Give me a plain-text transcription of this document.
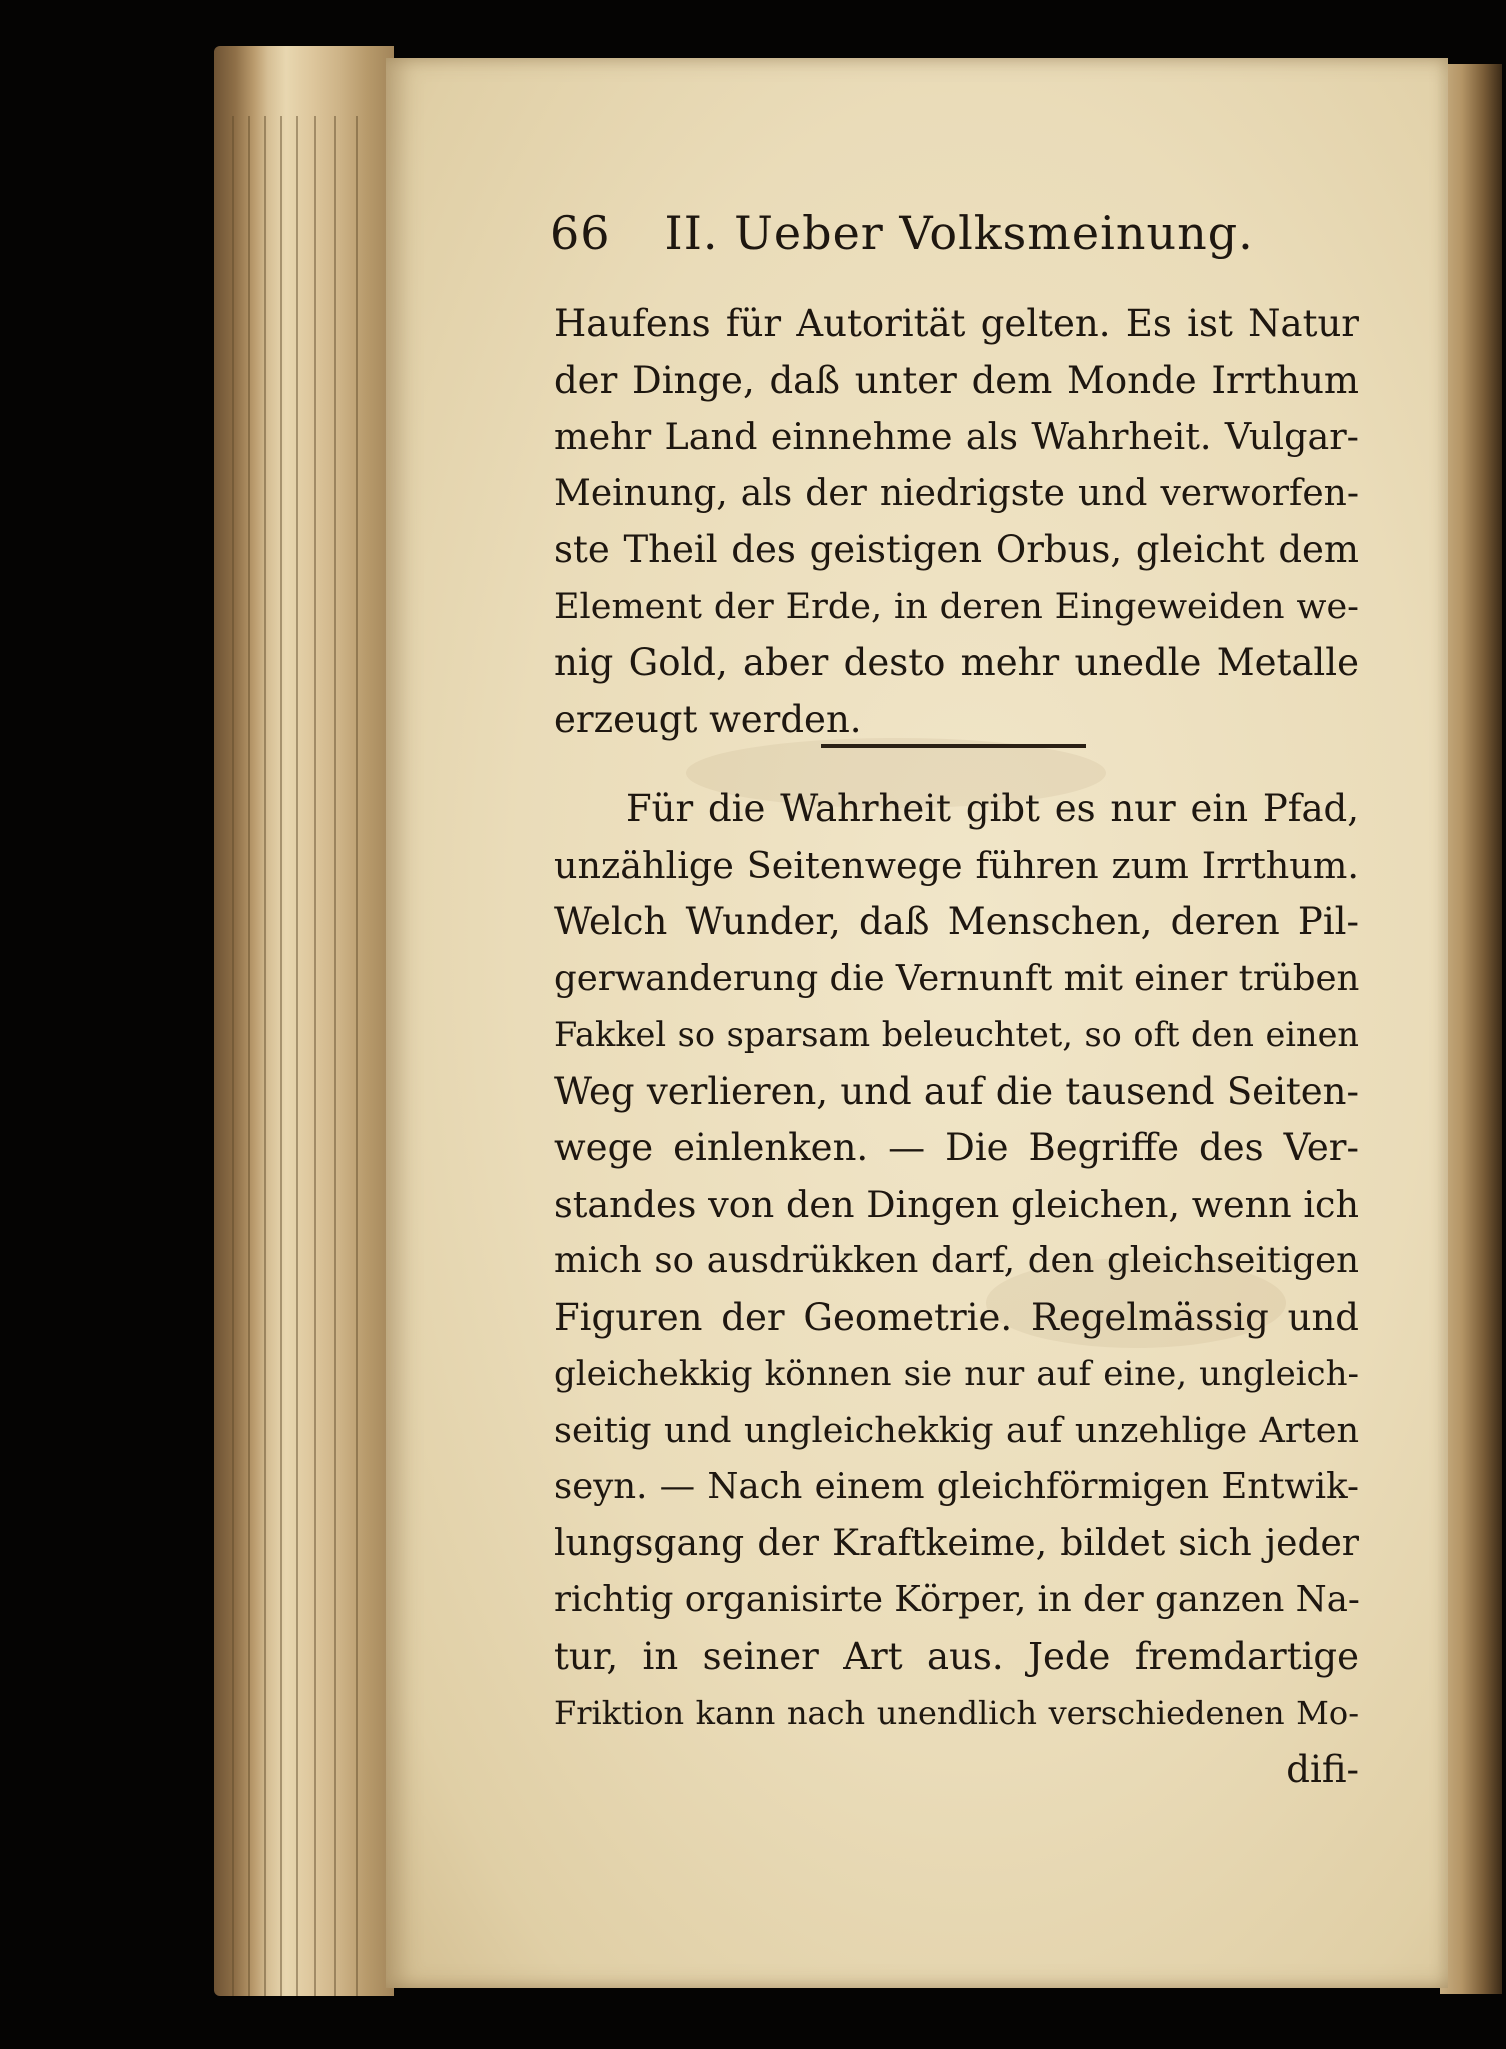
66 II. Ueber Volksmeinung.
Haufens für Autorität gelten. Es ist Natur
der Dinge, daß unter dem Monde Irrthum
mehr Land einnehme als Wahrheit. Vulgar-
Meinung, als der niedrigste und verworfen-
ste Theil des geistigen Orbus, gleicht dem
Element der Erde, in deren Eingeweiden we-
nig Gold, aber desto mehr unedle Metalle
erzeugt werden.
Für die Wahrheit gibt es nur ein Pfad,
unzählige Seitenwege führen zum Irrthum.
Welch Wunder, daß Menschen, deren Pil-
gerwanderung die Vernunft mit einer trüben
Fakkel so sparsam beleuchtet, so oft den einen
Weg verlieren, und auf die tausend Seiten-
wege einlenken. — Die Begriffe des Ver-
standes von den Dingen gleichen, wenn ich
mich so ausdrükken darf, den gleichseitigen
Figuren der Geometrie. Regelmässig und
gleichekkig können sie nur auf eine, ungleich-
seitig und ungleichekkig auf unzehlige Arten
seyn. — Nach einem gleichförmigen Entwik-
lungsgang der Kraftkeime, bildet sich jeder
richtig organisirte Körper, in der ganzen Na-
tur, in seiner Art aus. Jede fremdartige
Friktion kann nach unendlich verschiedenen Mo-
difi-
